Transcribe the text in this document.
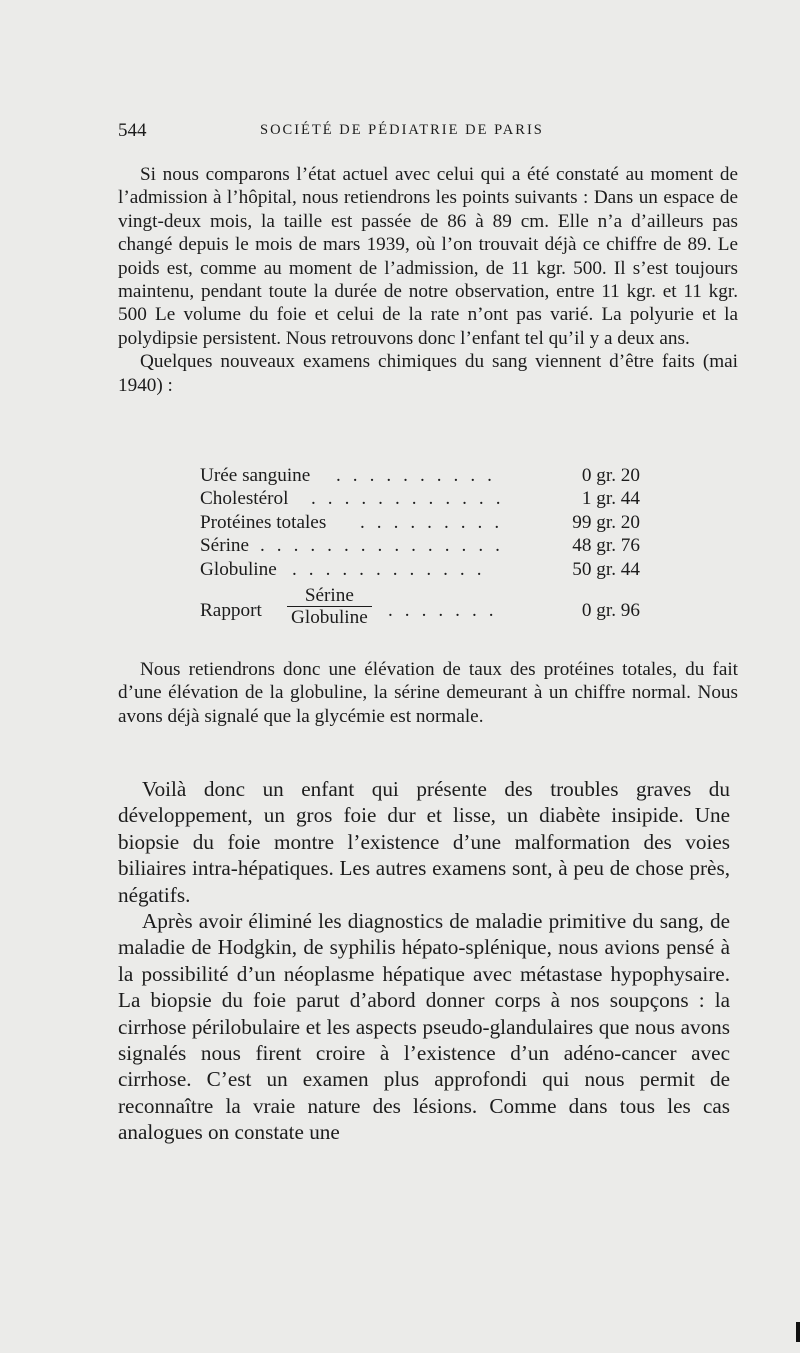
544	SOCIÉTÉ DE PÉDIATRIE DE PARIS

Si nous comparons l’état actuel avec celui qui a été constaté au moment de l’admission à l’hôpital, nous retiendrons les points suivants : Dans un espace de vingt-deux mois, la taille est passée de 86 à 89 cm. Elle n’a d’ailleurs pas changé depuis le mois de mars 1939, où l’on trouvait déjà ce chiffre de 89. Le poids est, comme au moment de l’admission, de 11 kgr. 500. Il s’est toujours maintenu, pendant toute la durée de notre observation, entre 11 kgr. et 11 kgr. 500 Le volume du foie et celui de la rate n’ont pas varié. La polyurie et la polydipsie persistent. Nous retrouvons donc l’enfant tel qu’il y a deux ans.

Quelques nouveaux examens chimiques du sang viennent d’être faits (mai 1940) :

Urée sanguine . . . . . . . . . .	0 gr. 20
Cholestérol . . . . . . . . . . . .	1 gr. 44
Protéines totales . . . . . . . . .	99 gr. 20
Sérine . . . . . . . . . . . . . . .	48 gr. 76
Globuline . . . . . . . . . . . .	50 gr. 44
Rapport
Sérine
Globuline . . . . . . .	0 gr. 96

Nous retiendrons donc une élévation de taux des protéines totales, du fait d’une élévation de la globuline, la sérine demeurant à un chiffre normal. Nous avons déjà signalé que la glycémie est normale.

Voilà donc un enfant qui présente des troubles graves du développement, un gros foie dur et lisse, un diabète insipide. Une biopsie du foie montre l’existence d’une malformation des voies biliaires intra-hépatiques. Les autres examens sont, à peu de chose près, négatifs.

Après avoir éliminé les diagnostics de maladie primitive du sang, de maladie de Hodgkin, de syphilis hépato-splénique, nous avions pensé à la possibilité d’un néoplasme hépatique avec métastase hypophysaire. La biopsie du foie parut d’abord donner corps à nos soupçons : la cirrhose périlobulaire et les aspects pseudo-glandulaires que nous avons signalés nous firent croire à l’existence d’un adéno-cancer avec cirrhose. C’est un examen plus approfondi qui nous permit de reconnaître la vraie nature des lésions. Comme dans tous les cas analogues on constate une
